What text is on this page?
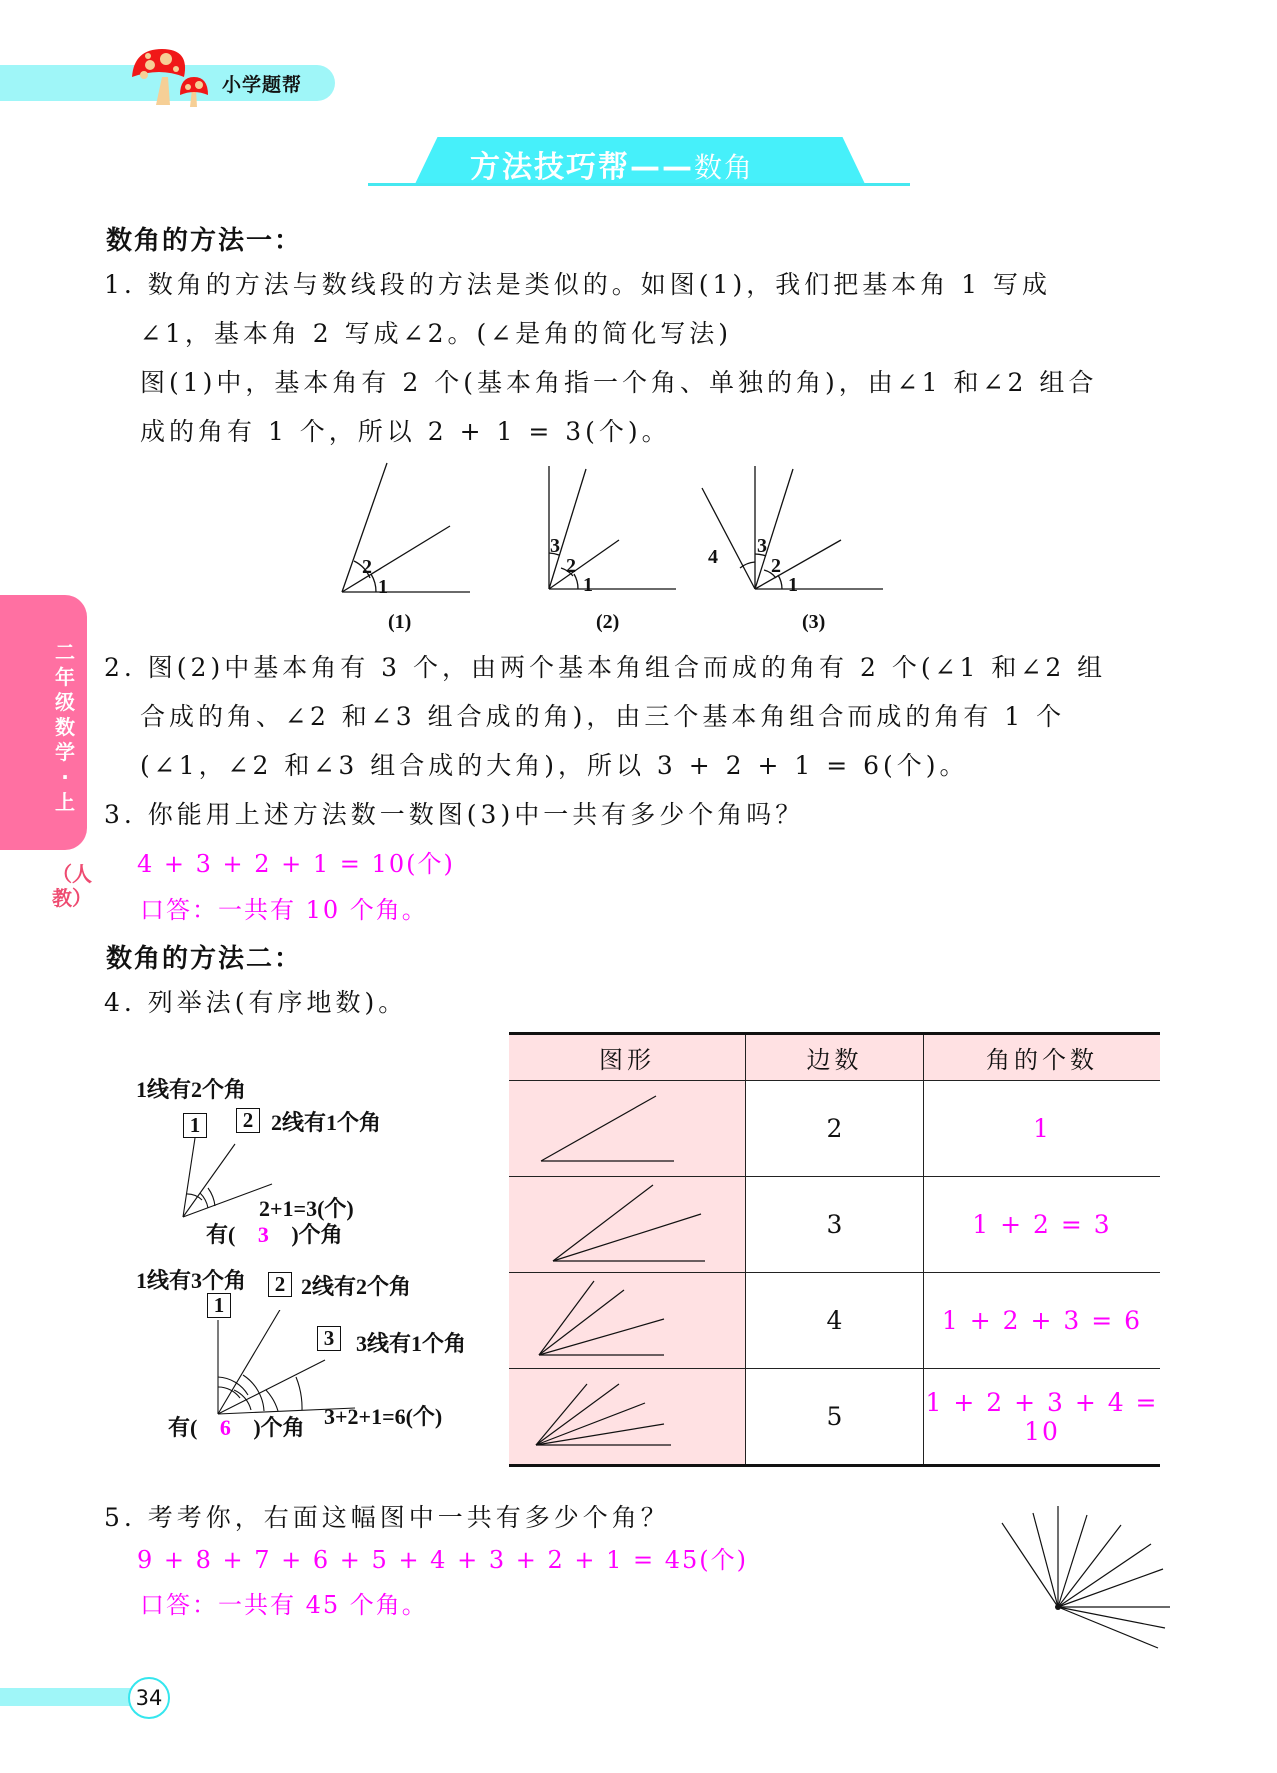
小学题帮
方法技巧帮——数角
二年级数学·上
（人教）
数角的方法一：
1. 数角的方法与数线段的方法是类似的。如图(1)，我们把基本角 1 写成
∠1，基本角 2 写成∠2。(∠是角的简化写法)
图(1)中，基本角有 2 个(基本角指一个角、单独的角)，由∠1 和∠2 组合
成的角有 1 个，所以 2 + 1 = 3(个)。
2
1
3
2
1
4 3
2
1
(1)	(2)	(3)
2. 图(2)中基本角有 3 个，由两个基本角组合而成的角有 2 个(∠1 和∠2 组
合成的角、∠2 和∠3 组合成的角)，由三个基本角组合而成的角有 1 个
(∠1，∠2 和∠3 组合成的大角)，所以 3 + 2 + 1 = 6(个)。
3. 你能用上述方法数一数图(3)中一共有多少个角吗？
4 + 3 + 2 + 1 = 10(个)
口答：一共有 10 个角。
数角的方法二：
4. 列举法(有序地数)。
1线有2个角
1	2 2线有1个角
2+1=3(个)
有( 3 )个角
1线有3个角
1
2 2线有2个角
3 3线有1个角
3+2+1=6(个)
有( 6 )个角
图形	边数	角的个数
	2	1
	3	1 + 2 = 3
	4	1 + 2 + 3 = 6
	5	1 + 2 + 3 + 4 = 10
5. 考考你，右面这幅图中一共有多少个角？
9 + 8 + 7 + 6 + 5 + 4 + 3 + 2 + 1 = 45(个)
口答：一共有 45 个角。
34
